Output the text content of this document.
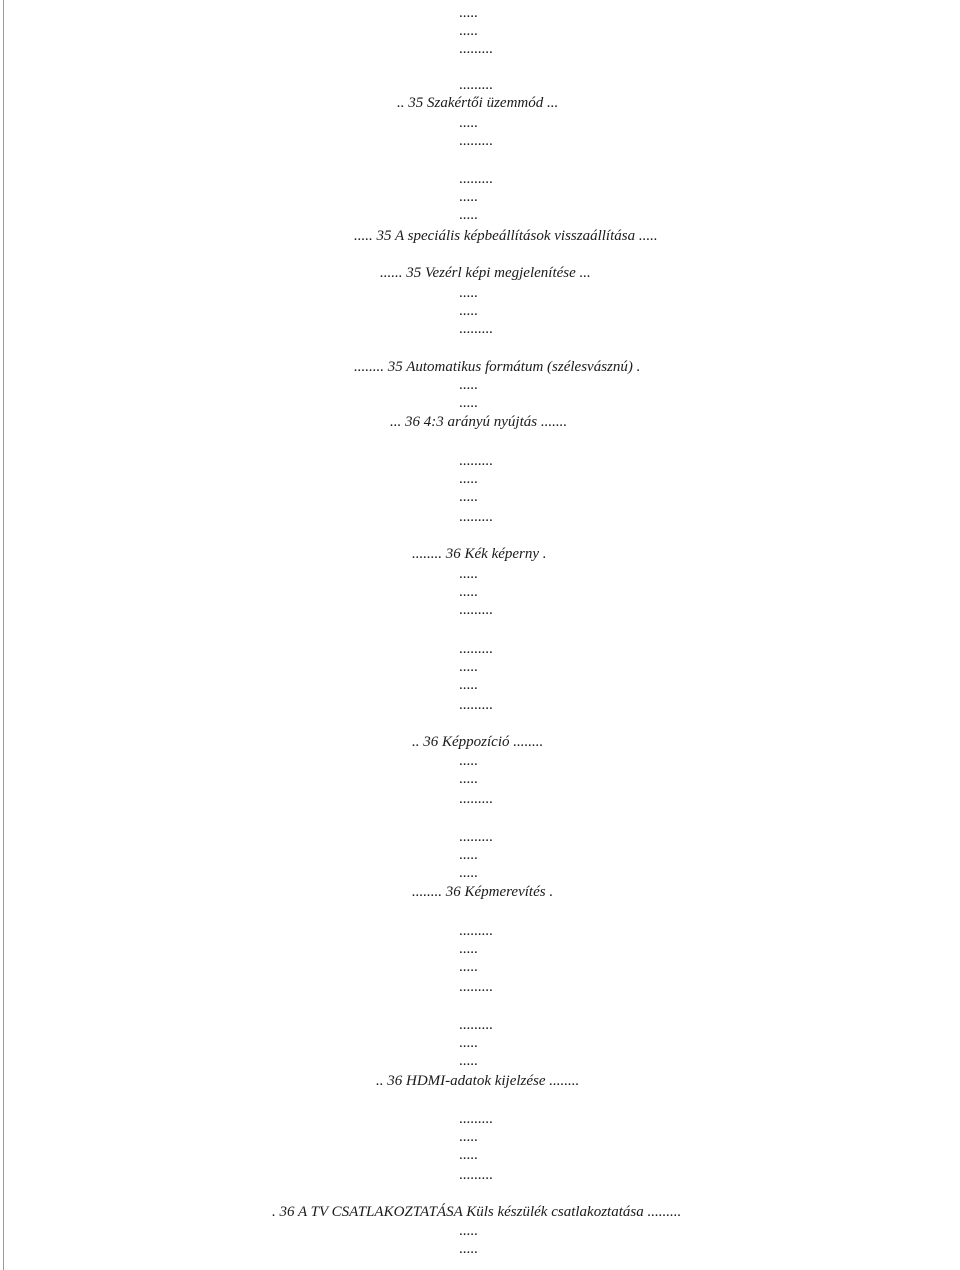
.....
.....
.........
.........
.. 35 Szakértői üzemmód ...
.....
.........
.........
.....
.....
..... 35 A speciális képbeállítások visszaállítása .....
...... 35 Vezérl képi megjelenítése ...
.....
.....
.........
........ 35 Automatikus formátum (szélesvásznú) .
.....
.....
... 36 4:3 arányú nyújtás .......
.........
.....
.....
.........
........ 36 Kék képerny .
.....
.....
.........
.........
.....
.....
.........
.. 36 Képpozíció ........
.....
.....
.........
.........
.....
.....
........ 36 Képmerevítés .
.........
.....
.....
.........
.........
.....
.....
.. 36 HDMI-adatok kijelzése ........
.........
.....
.....
.........
. 36 A TV CSATLAKOZTATÁSA Küls készülék csatlakoztatása .........
.....
.....
